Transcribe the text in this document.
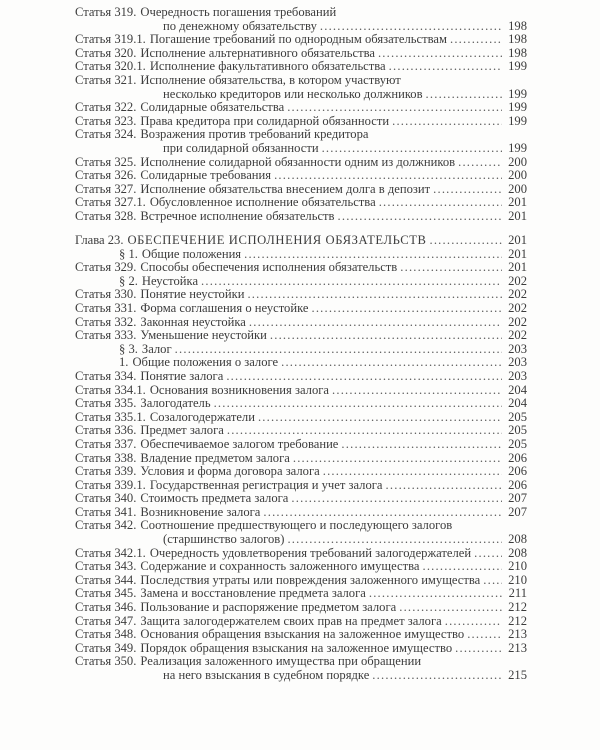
Статья 319. Очередность погашения требований
по денежному обязательству .....	198
Статья 319.1. Погашение требований по однородным обязательствам .....	198
Статья 320. Исполнение альтернативного обязательства .....	198
Статья 320.1. Исполнение факультативного обязательства .....	199
Статья 321. Исполнение обязательства, в котором участвуют
несколько кредиторов или несколько должников .....	199
Статья 322. Солидарные обязательства .....	199
Статья 323. Права кредитора при солидарной обязанности .....	199
Статья 324. Возражения против требований кредитора
при солидарной обязанности .....	199
Статья 325. Исполнение солидарной обязанности одним из должников .....	200
Статья 326. Солидарные требования .....	200
Статья 327. Исполнение обязательства внесением долга в депозит .....	200
Статья 327.1. Обусловленное исполнение обязательства .....	201
Статья 328. Встречное исполнение обязательств .....	201
Глава 23. ОБЕСПЕЧЕНИЕ ИСПОЛНЕНИЯ ОБЯЗАТЕЛЬСТВ .....	201
§ 1. Общие положения .....	201
Статья 329. Способы обеспечения исполнения обязательств .....	201
§ 2. Неустойка .....	202
Статья 330. Понятие неустойки .....	202
Статья 331. Форма соглашения о неустойке .....	202
Статья 332. Законная неустойка .....	202
Статья 333. Уменьшение неустойки .....	202
§ 3. Залог .....	203
1. Общие положения о залоге .....	203
Статья 334. Понятие залога .....	203
Статья 334.1. Основания возникновения залога .....	204
Статья 335. Залогодатель .....	204
Статья 335.1. Созалогодержатели .....	205
Статья 336. Предмет залога .....	205
Статья 337. Обеспечиваемое залогом требование .....	205
Статья 338. Владение предметом залога .....	206
Статья 339. Условия и форма договора залога .....	206
Статья 339.1. Государственная регистрация и учет залога .....	206
Статья 340. Стоимость предмета залога .....	207
Статья 341. Возникновение залога .....	207
Статья 342. Соотношение предшествующего и последующего залогов
(старшинство залогов) .....	208
Статья 342.1. Очередность удовлетворения требований залогодержателей .....	208
Статья 343. Содержание и сохранность заложенного имущества .....	210
Статья 344. Последствия утраты или повреждения заложенного имущества ..... 210
Статья 345. Замена и восстановление предмета залога .....	211
Статья 346. Пользование и распоряжение предметом залога .....	212
Статья 347. Защита залогодержателем своих прав на предмет залога .....	212
Статья 348. Основания обращения взыскания на заложенное имущество .....	213
Статья 349. Порядок обращения взыскания на заложенное имущество .....	213
Статья 350. Реализация заложенного имущества при обращении
на него взыскания в судебном порядке .....	215
